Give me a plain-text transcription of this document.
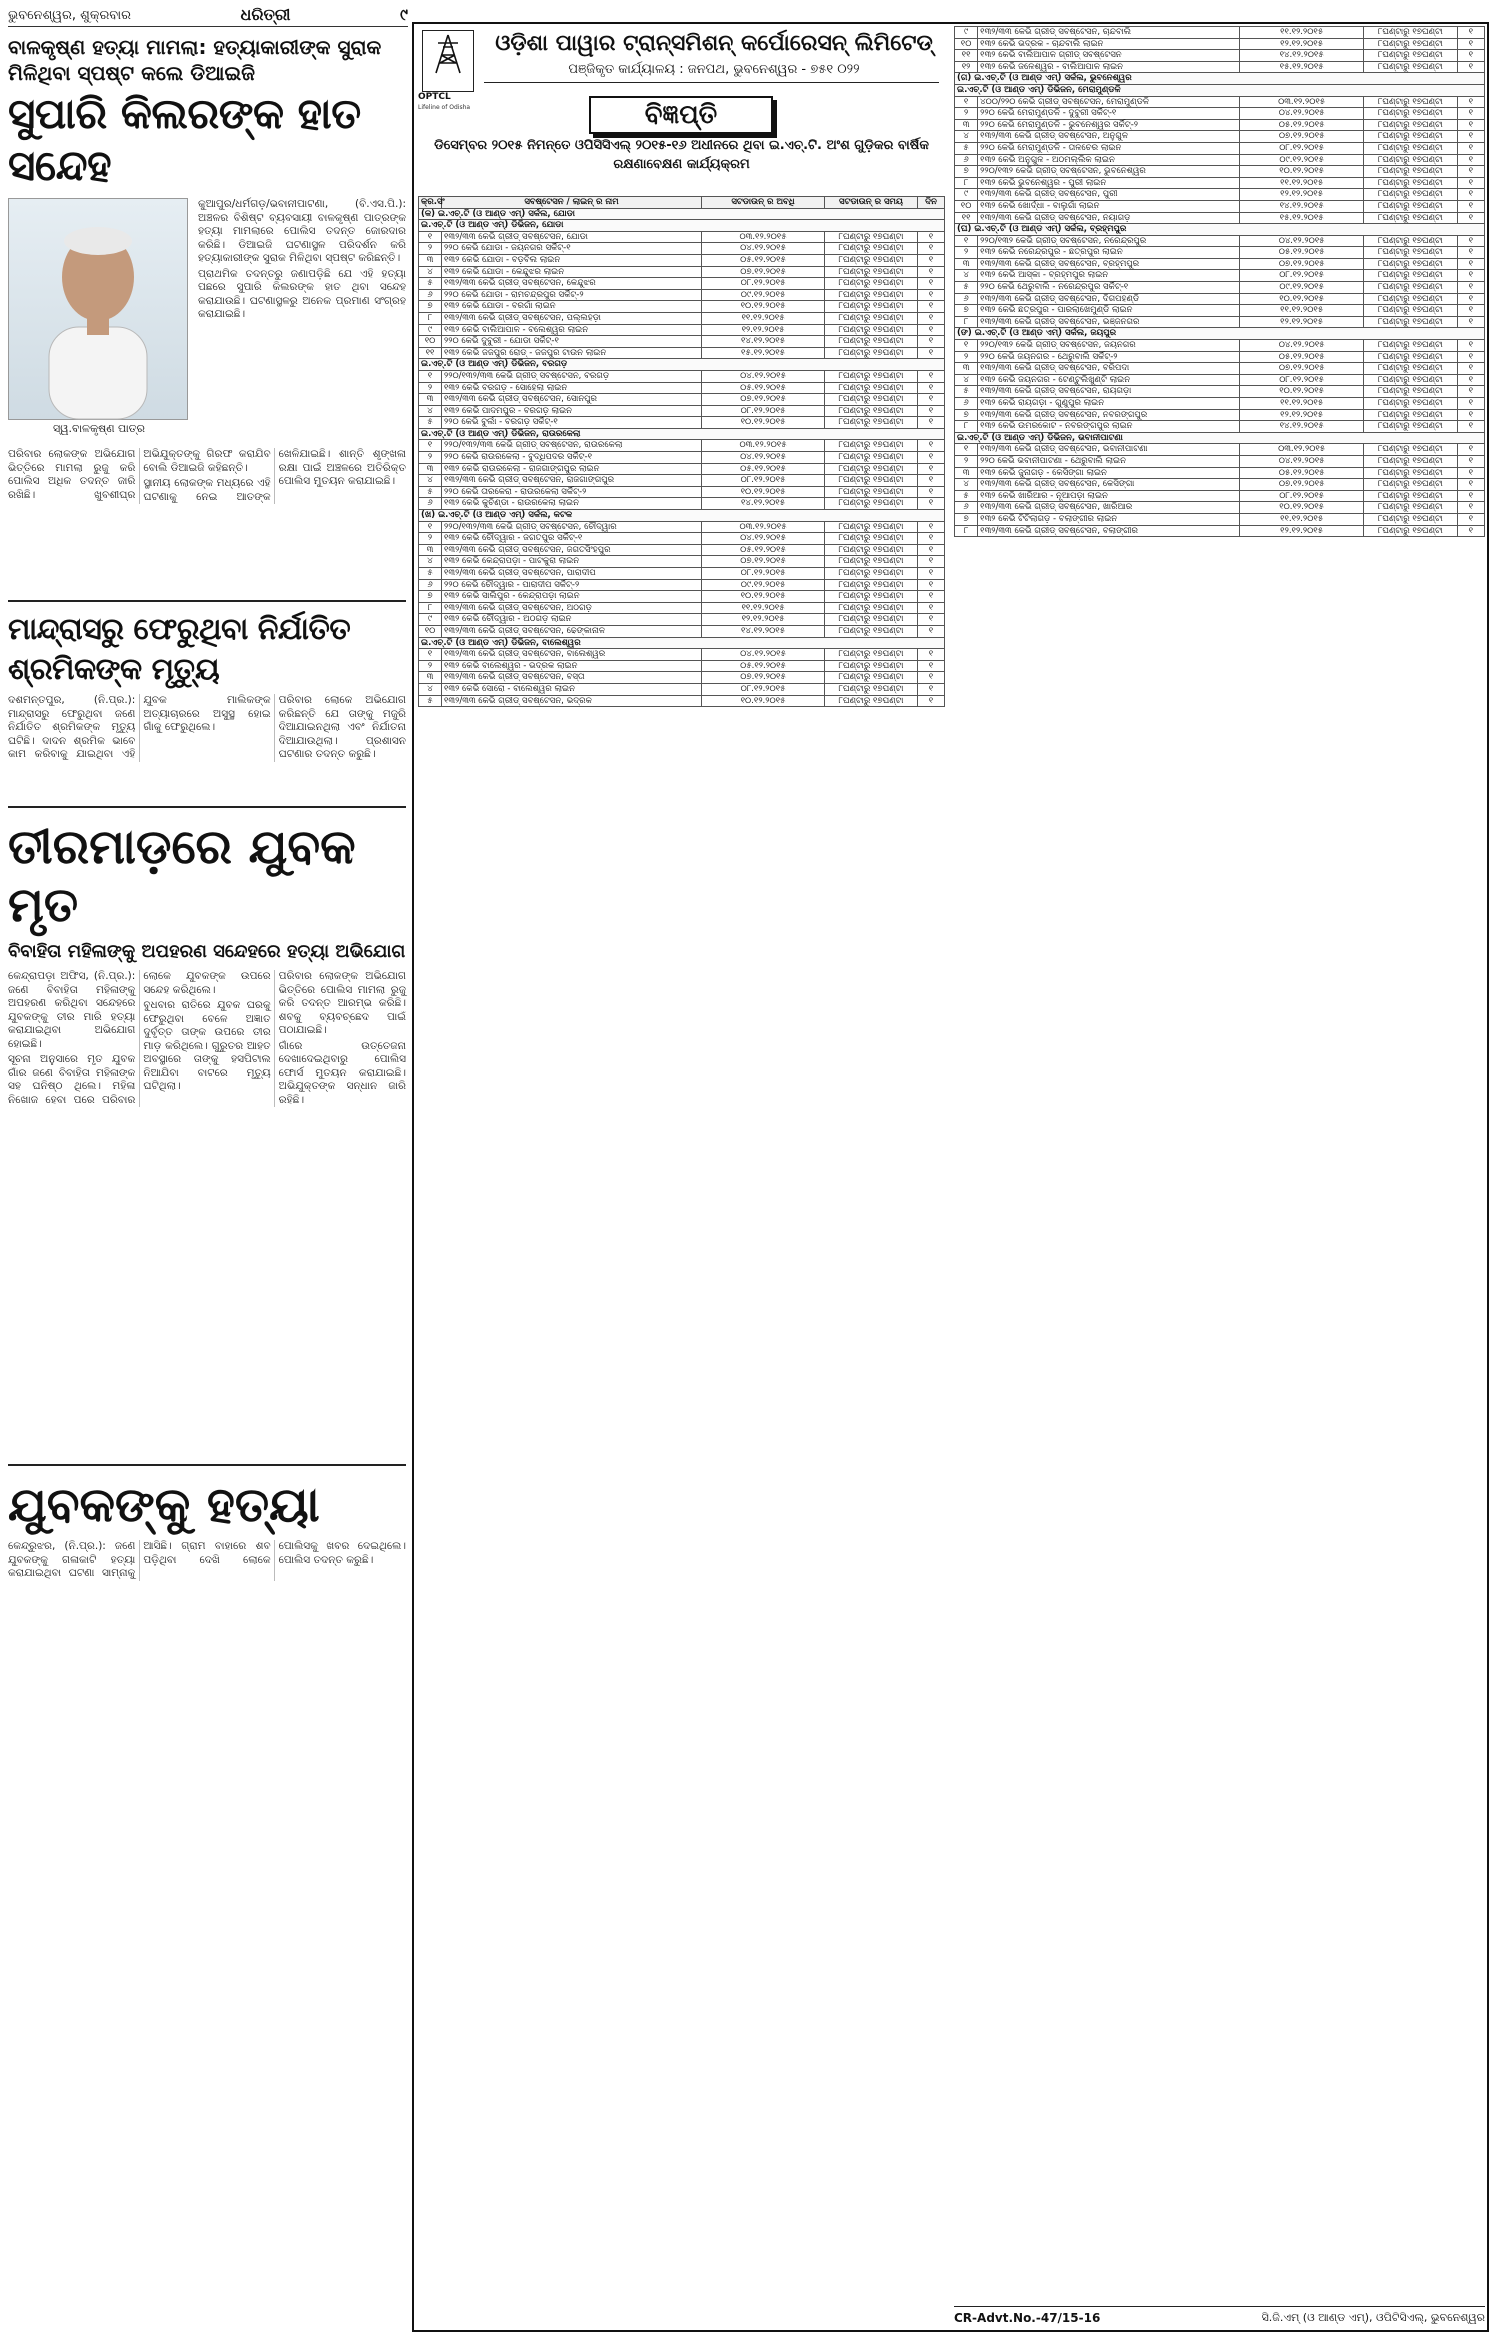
ଭୁବନେଶ୍ୱର, ଶୁକ୍ରବାର	ଧରିତ୍ରୀ	୯
ବାଳକୃଷ୍ଣ ହତ୍ୟା ମାମଲା: ହତ୍ୟାକାରୀଙ୍କ ସୁରାକ ମିଳିଥିବା ସ୍ପଷ୍ଟ କଲେ ଡିଆଇଜି
ସୁପାରି କିଲରଙ୍କ ହାତ ସନ୍ଦେହ
ସ୍ୱ.ବାଳକୃଷ୍ଣ ପାତ୍ର

କୁଆପୁର/ଧର୍ମଗଡ଼/ଭବାନୀପାଟଣା, (ବି.ଏସ.ପି.): ଅଞ୍ଚଳର ବିଶିଷ୍ଟ ବ୍ୟବସାୟୀ ବାଳକୃଷ୍ଣ ପାତ୍ରଙ୍କ ହତ୍ୟା ମାମଲାରେ ପୋଲିସ ତଦନ୍ତ ଜୋରଦାର କରିଛି। ଡିଆଇଜି ଘଟଣାସ୍ଥଳ ପରିଦର୍ଶନ କରି ହତ୍ୟାକାରୀଙ୍କ ସୁରାକ ମିଳିଥିବା ସ୍ପଷ୍ଟ କରିଛନ୍ତି।

ପ୍ରାଥମିକ ତଦନ୍ତରୁ ଜଣାପଡ଼ିଛି ଯେ ଏହି ହତ୍ୟା ପଛରେ ସୁପାରି କିଲରଙ୍କ ହାତ ଥିବା ସନ୍ଦେହ କରାଯାଉଛି। ଘଟଣାସ୍ଥଳରୁ ଅନେକ ପ୍ରମାଣ ସଂଗ୍ରହ କରାଯାଇଛି।

ପରିବାର ଲୋକଙ୍କ ଅଭିଯୋଗ ଭିତ୍ତିରେ ମାମଲା ରୁଜୁ କରି ପୋଲିସ ଅଧିକ ତଦନ୍ତ ଜାରି ରଖିଛି। ଖୁବଶୀଘ୍ର ଅଭିଯୁକ୍ତଙ୍କୁ ଗିରଫ କରାଯିବ ବୋଲି ଡିଆଇଜି କହିଛନ୍ତି।

ସ୍ଥାନୀୟ ଲୋକଙ୍କ ମଧ୍ୟରେ ଏହି ଘଟଣାକୁ ନେଇ ଆତଙ୍କ ଖେଳିଯାଇଛି। ଶାନ୍ତି ଶୃଙ୍ଖଳା ରକ୍ଷା ପାଇଁ ଅଞ୍ଚଳରେ ଅତିରିକ୍ତ ପୋଲିସ ମୁତୟନ କରାଯାଇଛି।

ମାନ୍ଦ୍ରାସରୁ ଫେରୁଥିବା ନିର୍ଯାତିତ ଶ୍ରମିକଙ୍କ ମୃତ୍ୟୁ

ଦଶମନ୍ତପୁର, (ନି.ପ୍ର.): ମାନ୍ଦ୍ରାସରୁ ଫେରୁଥିବା ଜଣେ ନିର୍ଯାତିତ ଶ୍ରମିକଙ୍କ ମୃତ୍ୟୁ ଘଟିଛି। ଦାଦନ ଶ୍ରମିକ ଭାବେ କାମ କରିବାକୁ ଯାଇଥିବା ଏହି ଯୁବକ ମାଲିକଙ୍କ ଅତ୍ୟାଚାରରେ ଅସୁସ୍ଥ ହୋଇ ଗାଁକୁ ଫେରୁଥିଲେ।

ପରିବାର ଲୋକେ ଅଭିଯୋଗ କରିଛନ୍ତି ଯେ ତାଙ୍କୁ ମଜୁରି ଦିଆଯାଇନଥିଲା ଏବଂ ନିର୍ଯାତନା ଦିଆଯାଉଥିଲା। ପ୍ରଶାସନ ଘଟଣାର ତଦନ୍ତ କରୁଛି।

ତୀରମାଡ଼ରେ ଯୁବକ ମୃତ
ବିବାହିତା ମହିଳାଙ୍କୁ ଅପହରଣ ସନ୍ଦେହରେ ହତ୍ୟା ଅଭିଯୋଗ

କେନ୍ଦ୍ରାପଡ଼ା ଅଫିସ, (ନି.ପ୍ର.): ଜଣେ ବିବାହିତା ମହିଳାଙ୍କୁ ଅପହରଣ କରିଥିବା ସନ୍ଦେହରେ ଯୁବକଙ୍କୁ ତୀର ମାରି ହତ୍ୟା କରାଯାଇଥିବା ଅଭିଯୋଗ ହୋଇଛି।

ସୂଚନା ଅନୁସାରେ ମୃତ ଯୁବକ ଗାଁର ଜଣେ ବିବାହିତା ମହିଳାଙ୍କ ସହ ଘନିଷ୍ଠ ଥିଲେ। ମହିଳା ନିଖୋଜ ହେବା ପରେ ପରିବାର ଲୋକେ ଯୁବକଙ୍କ ଉପରେ ସନ୍ଦେହ କରିଥିଲେ।

ବୁଧବାର ରାତିରେ ଯୁବକ ଘରକୁ ଫେରୁଥିବା ବେଳେ ଅଜ୍ଞାତ ଦୁର୍ବୃତ୍ତ ତାଙ୍କ ଉପରେ ତୀର ମାଡ଼ କରିଥିଲେ। ଗୁରୁତର ଆହତ ଅବସ୍ଥାରେ ତାଙ୍କୁ ହସପିଟାଲ ନିଆଯିବା ବାଟରେ ମୃତ୍ୟୁ ଘଟିଥିଲା।

ପରିବାର ଲୋକଙ୍କ ଅଭିଯୋଗ ଭିତ୍ତିରେ ପୋଲିସ ମାମଲା ରୁଜୁ କରି ତଦନ୍ତ ଆରମ୍ଭ କରିଛି। ଶବକୁ ବ୍ୟବଚ୍ଛେଦ ପାଇଁ ପଠାଯାଇଛି।

ଗାଁରେ ଉତ୍ତେଜନା ଦେଖାଦେଇଥିବାରୁ ପୋଲିସ ଫୋର୍ସ ମୁତୟନ କରାଯାଇଛି। ଅଭିଯୁକ୍ତଙ୍କ ସନ୍ଧାନ ଜାରି ରହିଛି।

ଯୁବକଙ୍କୁ ହତ୍ୟା

କେନ୍ଦ୍ରୁଝର, (ନି.ପ୍ର.): ଜଣେ ଯୁବକଙ୍କୁ ଗଳାକାଟି ହତ୍ୟା କରାଯାଇଥିବା ଘଟଣା ସାମ୍ନାକୁ ଆସିଛି। ଗ୍ରାମ ବାହାରେ ଶବ ପଡ଼ିଥିବା ଦେଖି ଲୋକେ ପୋଲିସକୁ ଖବର ଦେଇଥିଲେ। ପୋଲିସ ତଦନ୍ତ କରୁଛି।

OPTCL
Lifeline of Odisha
ଓଡ଼ିଶା ପାୱାର ଟ୍ରାନ୍ସମିଶନ୍ କର୍ପୋରେସନ୍ ଲିମିଟେଡ୍
ପଞ୍ଜିକୃତ କାର୍ଯ୍ୟାଳୟ : ଜନପଥ, ଭୁବନେଶ୍ୱର - ୭୫୧ ୦୨୨
ବିଜ୍ଞପ୍ତି
ଡିସେମ୍ବର ୨୦୧୫ ନିମନ୍ତେ ଓପିସିସିଏଲ୍ ୨୦୧୫-୧୬ ଅଧୀନରେ ଥିବା ଇ.ଏଚ୍.ଟି. ଅଂଶ ଗୁଡ଼ିକର ବାର୍ଷିକ ରକ୍ଷଣାବେକ୍ଷଣ କାର୍ଯ୍ୟକ୍ରମ
କ୍ର.ସଂ	ସବଷ୍ଟେସନ / ଲାଇନ୍ ର ନାମ	ସଟଡାଉନ୍ ର ଅବଧି	ସଟଡାଉନ୍ ର ସମୟ	ଦିନ
(କ) ଇ.ଏଚ୍.ଟି (ଓ ଆଣ୍ଡ ଏମ୍) ସର୍କଲ, ଯୋଡା				
ଇ.ଏଚ୍.ଟି (ଓ ଆଣ୍ଡ ଏମ୍) ଡିଭିଜନ, ଯୋଡା				
୧	୧୩୨/୩୩ କେଭି ଗ୍ରୀଡ୍ ସବଷ୍ଟେସନ, ଯୋଡା	୦୩.୧୨.୨୦୧୫	୮ଘଣ୍ଟାରୁ ୧୭ଘଣ୍ଟା	୧
୨	୨୨୦ କେଭି ଯୋଡା - ଜୟନଗର ସର୍କିଟ୍-୧	୦୪.୧୨.୨୦୧୫	୮ଘଣ୍ଟାରୁ ୧୭ଘଣ୍ଟା	୧
୩	୧୩୨ କେଭି ଯୋଡା - ବଡ଼ବିଲ ଲାଇନ	୦୫.୧୨.୨୦୧୫	୮ଘଣ୍ଟାରୁ ୧୭ଘଣ୍ଟା	୧
୪	୧୩୨ କେଭି ଯୋଡା - କେନ୍ଦୁଝର ଲାଇନ	୦୭.୧୨.୨୦୧୫	୮ଘଣ୍ଟାରୁ ୧୭ଘଣ୍ଟା	୧
୫	୧୩୨/୩୩ କେଭି ଗ୍ରୀଡ୍ ସବଷ୍ଟେସନ, କେନ୍ଦୁଝର	୦୮.୧୨.୨୦୧୫	୮ଘଣ୍ଟାରୁ ୧୭ଘଣ୍ଟା	୧
୬	୨୨୦ କେଭି ଯୋଡା - ରାମଚନ୍ଦ୍ରପୁର ସର୍କିଟ୍-୨	୦୯.୧୨.୨୦୧୫	୮ଘଣ୍ଟାରୁ ୧୭ଘଣ୍ଟା	୧
୭	୧୩୨ କେଭି ଯୋଡା - ବରଗାଁ ଲାଇନ	୧୦.୧୨.୨୦୧୫	୮ଘଣ୍ଟାରୁ ୧୭ଘଣ୍ଟା	୧
୮	୧୩୨/୩୩ କେଭି ଗ୍ରୀଡ୍ ସବଷ୍ଟେସନ, ପଲ୍ଲହଡ଼ା	୧୧.୧୨.୨୦୧୫	୮ଘଣ୍ଟାରୁ ୧୭ଘଣ୍ଟା	୧
୯	୧୩୨ କେଭି ବାଲିଆପାଳ - ବଲେଶ୍ୱର ଲାଇନ	୧୨.୧୨.୨୦୧୫	୮ଘଣ୍ଟାରୁ ୧୭ଘଣ୍ଟା	୧
୧୦	୨୨୦ କେଭି ଦୁବୁରୀ - ଯୋଡା ସର୍କିଟ୍-୧	୧୪.୧୨.୨୦୧୫	୮ଘଣ୍ଟାରୁ ୧୭ଘଣ୍ଟା	୧
୧୧	୧୩୨ କେଭି ଜଜପୁର ରୋଡ୍ - ଜଜପୁର ଟାଉନ ଲାଇନ	୧୫.୧୨.୨୦୧୫	୮ଘଣ୍ଟାରୁ ୧୭ଘଣ୍ଟା	୧
ଇ.ଏଚ୍.ଟି (ଓ ଆଣ୍ଡ ଏମ୍) ଡିଭିଜନ, ବରଗଡ଼				
୧	୨୨୦/୧୩୨/୩୩ କେଭି ଗ୍ରୀଡ୍ ସବଷ୍ଟେସନ, ବରଗଡ଼	୦୪.୧୨.୨୦୧୫	୮ଘଣ୍ଟାରୁ ୧୭ଘଣ୍ଟା	୧
୨	୧୩୨ କେଭି ବରଗଡ଼ - ସୋହେଲା ଲାଇନ	୦୫.୧୨.୨୦୧୫	୮ଘଣ୍ଟାରୁ ୧୭ଘଣ୍ଟା	୧
୩	୧୩୨/୩୩ କେଭି ଗ୍ରୀଡ୍ ସବଷ୍ଟେସନ, ସୋନପୁର	୦୭.୧୨.୨୦୧୫	୮ଘଣ୍ଟାରୁ ୧୭ଘଣ୍ଟା	୧
୪	୧୩୨ କେଭି ପାଦମପୁର - ବରଗଡ଼ ଲାଇନ	୦୮.୧୨.୨୦୧୫	୮ଘଣ୍ଟାରୁ ୧୭ଘଣ୍ଟା	୧
୫	୨୨୦ କେଭି ବୁର୍ଲା - ବରଗଡ଼ ସର୍କିଟ୍-୧	୧୦.୧୨.୨୦୧୫	୮ଘଣ୍ଟାରୁ ୧୭ଘଣ୍ଟା	୧
ଇ.ଏଚ୍.ଟି (ଓ ଆଣ୍ଡ ଏମ୍) ଡିଭିଜନ, ରାଉରକେଲା				
୧	୨୨୦/୧୩୨/୩୩ କେଭି ଗ୍ରୀଡ୍ ସବଷ୍ଟେସନ, ରାଉରକେଲା	୦୩.୧୨.୨୦୧୫	୮ଘଣ୍ଟାରୁ ୧୭ଘଣ୍ଟା	୧
୨	୨୨୦ କେଭି ରାଉରକେଲା - ବୁଦ୍ଧିପଦର ସର୍କିଟ୍-୧	୦୪.୧୨.୨୦୧୫	୮ଘଣ୍ଟାରୁ ୧୭ଘଣ୍ଟା	୧
୩	୧୩୨ କେଭି ରାଉରକେଲା - ରାଜଗାଙ୍ଗପୁର ଲାଇନ	୦୫.୧୨.୨୦୧୫	୮ଘଣ୍ଟାରୁ ୧୭ଘଣ୍ଟା	୧
୪	୧୩୨/୩୩ କେଭି ଗ୍ରୀଡ୍ ସବଷ୍ଟେସନ, ରାଜଗାଙ୍ଗପୁର	୦୮.୧୨.୨୦୧୫	୮ଘଣ୍ଟାରୁ ୧୭ଘଣ୍ଟା	୧
୫	୨୨୦ କେଭି ତାରକେରା - ରାଉରକେଲା ସର୍କିଟ୍-୨	୧୦.୧୨.୨୦୧୫	୮ଘଣ୍ଟାରୁ ୧୭ଘଣ୍ଟା	୧
୬	୧୩୨ କେଭି କୁଚିଣ୍ଡା - ରାଉରକେଲା ଲାଇନ	୧୪.୧୨.୨୦୧୫	୮ଘଣ୍ଟାରୁ ୧୭ଘଣ୍ଟା	୧
(ଖ) ଇ.ଏଚ୍.ଟି (ଓ ଆଣ୍ଡ ଏମ୍) ସର୍କଲ, କଟକ				
୧	୨୨୦/୧୩୨/୩୩ କେଭି ଗ୍ରୀଡ୍ ସବଷ୍ଟେସନ, ଚୌଦ୍ୱାର	୦୩.୧୨.୨୦୧୫	୮ଘଣ୍ଟାରୁ ୧୭ଘଣ୍ଟା	୧
୨	୧୩୨ କେଭି ଚୌଦ୍ୱାର - ଜଗତପୁର ସର୍କିଟ୍-୧	୦୪.୧୨.୨୦୧୫	୮ଘଣ୍ଟାରୁ ୧୭ଘଣ୍ଟା	୧
୩	୧୩୨/୩୩ କେଭି ଗ୍ରୀଡ୍ ସବଷ୍ଟେସନ, ଜଗତସିଂହପୁର	୦୫.୧୨.୨୦୧୫	୮ଘଣ୍ଟାରୁ ୧୭ଘଣ୍ଟା	୧
୪	୧୩୨ କେଭି କେନ୍ଦ୍ରାପଡ଼ା - ପାଟକୁରା ଲାଇନ	୦୭.୧୨.୨୦୧୫	୮ଘଣ୍ଟାରୁ ୧୭ଘଣ୍ଟା	୧
୫	୧୩୨/୩୩ କେଭି ଗ୍ରୀଡ୍ ସବଷ୍ଟେସନ, ପାରାଦୀପ	୦୮.୧୨.୨୦୧୫	୮ଘଣ୍ଟାରୁ ୧୭ଘଣ୍ଟା	୧
୬	୨୨୦ କେଭି ଚୌଦ୍ୱାର - ପାରାଦୀପ ସର୍କିଟ୍-୨	୦୯.୧୨.୨୦୧୫	୮ଘଣ୍ଟାରୁ ୧୭ଘଣ୍ଟା	୧
୭	୧୩୨ କେଭି ସାଲିପୁର - କେନ୍ଦ୍ରାପଡ଼ା ଲାଇନ	୧୦.୧୨.୨୦୧୫	୮ଘଣ୍ଟାରୁ ୧୭ଘଣ୍ଟା	୧
୮	୧୩୨/୩୩ କେଭି ଗ୍ରୀଡ୍ ସବଷ୍ଟେସନ, ଅଠଗଡ଼	୧୧.୧୨.୨୦୧୫	୮ଘଣ୍ଟାରୁ ୧୭ଘଣ୍ଟା	୧
୯	୧୩୨ କେଭି ଚୌଦ୍ୱାର - ଅଠଗଡ଼ ଲାଇନ	୧୨.୧୨.୨୦୧୫	୮ଘଣ୍ଟାରୁ ୧୭ଘଣ୍ଟା	୧
୧୦	୧୩୨/୩୩ କେଭି ଗ୍ରୀଡ୍ ସବଷ୍ଟେସନ, ଢେଙ୍କାନାଳ	୧୪.୧୨.୨୦୧୫	୮ଘଣ୍ଟାରୁ ୧୭ଘଣ୍ଟା	୧
ଇ.ଏଚ୍.ଟି (ଓ ଆଣ୍ଡ ଏମ୍) ଡିଭିଜନ, ବାଲେଶ୍ୱର				
୧	୧୩୨/୩୩ କେଭି ଗ୍ରୀଡ୍ ସବଷ୍ଟେସନ, ବାଲେଶ୍ୱର	୦୪.୧୨.୨୦୧୫	୮ଘଣ୍ଟାରୁ ୧୭ଘଣ୍ଟା	୧
୨	୧୩୨ କେଭି ବାଲେଶ୍ୱର - ଭଦ୍ରକ ଲାଇନ	୦୫.୧୨.୨୦୧୫	୮ଘଣ୍ଟାରୁ ୧୭ଘଣ୍ଟା	୧
୩	୧୩୨/୩୩ କେଭି ଗ୍ରୀଡ୍ ସବଷ୍ଟେସନ, ବସ୍ତା	୦୭.୧୨.୨୦୧୫	୮ଘଣ୍ଟାରୁ ୧୭ଘଣ୍ଟା	୧
୪	୧୩୨ କେଭି ସୋରୋ - ବାଲେଶ୍ୱର ଲାଇନ	୦୮.୧୨.୨୦୧୫	୮ଘଣ୍ଟାରୁ ୧୭ଘଣ୍ଟା	୧
୫	୧୩୨/୩୩ କେଭି ଗ୍ରୀଡ୍ ସବଷ୍ଟେସନ, ଭଦ୍ରକ	୧୦.୧୨.୨୦୧୫	୮ଘଣ୍ଟାରୁ ୧୭ଘଣ୍ଟା	୧
୯	୧୩୨/୩୩ କେଭି ଗ୍ରୀଡ୍ ସବଷ୍ଟେସନ, ଚାନ୍ଦବାଲି	୧୧.୧୨.୨୦୧୫	୮ଘଣ୍ଟାରୁ ୧୭ଘଣ୍ଟା	୧
୧୦	୧୩୨ କେଭି ଭଦ୍ରକ - ଚାନ୍ଦବାଲି ଲାଇନ	୧୨.୧୨.୨୦୧୫	୮ଘଣ୍ଟାରୁ ୧୭ଘଣ୍ଟା	୧
୧୧	୧୩୨ କେଭି ବାଲିଆପାଳ ଗ୍ରୀଡ୍ ସବଷ୍ଟେସନ	୧୪.୧୨.୨୦୧୫	୮ଘଣ୍ଟାରୁ ୧୭ଘଣ୍ଟା	୧
୧୨	୧୩୨ କେଭି ଜଳେଶ୍ୱର - ବାଲିଆପାଳ ଲାଇନ	୧୫.୧୨.୨୦୧୫	୮ଘଣ୍ଟାରୁ ୧୭ଘଣ୍ଟା	୧
(ଗ) ଇ.ଏଚ୍.ଟି (ଓ ଆଣ୍ଡ ଏମ୍) ସର୍କଲ, ଭୁବନେଶ୍ୱର				
ଇ.ଏଚ୍.ଟି (ଓ ଆଣ୍ଡ ଏମ୍) ଡିଭିଜନ, ମେରାମୁଣ୍ଡଳି				
୧	୪୦୦/୨୨୦ କେଭି ଗ୍ରୀଡ୍ ସବଷ୍ଟେସନ, ମେରାମୁଣ୍ଡଳି	୦୩.୧୨.୨୦୧୫	୮ଘଣ୍ଟାରୁ ୧୭ଘଣ୍ଟା	୧
୨	୨୨୦ କେଭି ମେରାମୁଣ୍ଡଳି - ଦୁବୁରୀ ସର୍କିଟ୍-୧	୦୪.୧୨.୨୦୧୫	୮ଘଣ୍ଟାରୁ ୧୭ଘଣ୍ଟା	୧
୩	୨୨୦ କେଭି ମେରାମୁଣ୍ଡଳି - ଭୁବନେଶ୍ୱର ସର୍କିଟ୍-୨	୦୫.୧୨.୨୦୧୫	୮ଘଣ୍ଟାରୁ ୧୭ଘଣ୍ଟା	୧
୪	୧୩୨/୩୩ କେଭି ଗ୍ରୀଡ୍ ସବଷ୍ଟେସନ, ଅନୁଗୁଳ	୦୭.୧୨.୨୦୧୫	୮ଘଣ୍ଟାରୁ ୧୭ଘଣ୍ଟା	୧
୫	୨୨୦ କେଭି ମେରାମୁଣ୍ଡଳି - ତାଳଚେର ଲାଇନ	୦୮.୧୨.୨୦୧୫	୮ଘଣ୍ଟାରୁ ୧୭ଘଣ୍ଟା	୧
୬	୧୩୨ କେଭି ଅନୁଗୁଳ - ଅଠମଲ୍ଲିକ ଲାଇନ	୦୯.୧୨.୨୦୧୫	୮ଘଣ୍ଟାରୁ ୧୭ଘଣ୍ଟା	୧
୭	୨୨୦/୧୩୨ କେଭି ଗ୍ରୀଡ୍ ସବଷ୍ଟେସନ, ଭୁବନେଶ୍ୱର	୧୦.୧୨.୨୦୧୫	୮ଘଣ୍ଟାରୁ ୧୭ଘଣ୍ଟା	୧
୮	୧୩୨ କେଭି ଭୁବନେଶ୍ୱର - ପୁରୀ ଲାଇନ	୧୧.୧୨.୨୦୧୫	୮ଘଣ୍ଟାରୁ ୧୭ଘଣ୍ଟା	୧
୯	୧୩୨/୩୩ କେଭି ଗ୍ରୀଡ୍ ସବଷ୍ଟେସନ, ପୁରୀ	୧୨.୧୨.୨୦୧୫	୮ଘଣ୍ଟାରୁ ୧୭ଘଣ୍ଟା	୧
୧୦	୧୩୨ କେଭି ଖୋର୍ଦ୍ଧା - ବାଲୁଗାଁ ଲାଇନ	୧୪.୧୨.୨୦୧୫	୮ଘଣ୍ଟାରୁ ୧୭ଘଣ୍ଟା	୧
୧୧	୧୩୨/୩୩ କେଭି ଗ୍ରୀଡ୍ ସବଷ୍ଟେସନ, ନୟାଗଡ଼	୧୫.୧୨.୨୦୧୫	୮ଘଣ୍ଟାରୁ ୧୭ଘଣ୍ଟା	୧
(ଘ) ଇ.ଏଚ୍.ଟି (ଓ ଆଣ୍ଡ ଏମ୍) ସର୍କଲ, ବ୍ରହ୍ମପୁର				
୧	୨୨୦/୧୩୨ କେଭି ଗ୍ରୀଡ୍ ସବଷ୍ଟେସନ, ନରେନ୍ଦ୍ରପୁର	୦୪.୧୨.୨୦୧୫	୮ଘଣ୍ଟାରୁ ୧୭ଘଣ୍ଟା	୧
୨	୧୩୨ କେଭି ନରେନ୍ଦ୍ରପୁର - ଛତ୍ରପୁର ଲାଇନ	୦୫.୧୨.୨୦୧୫	୮ଘଣ୍ଟାରୁ ୧୭ଘଣ୍ଟା	୧
୩	୧୩୨/୩୩ କେଭି ଗ୍ରୀଡ୍ ସବଷ୍ଟେସନ, ବ୍ରହ୍ମପୁର	୦୭.୧୨.୨୦୧୫	୮ଘଣ୍ଟାରୁ ୧୭ଘଣ୍ଟା	୧
୪	୧୩୨ କେଭି ଆସ୍କା - ବ୍ରହ୍ମପୁର ଲାଇନ	୦୮.୧୨.୨୦୧୫	୮ଘଣ୍ଟାରୁ ୧୭ଘଣ୍ଟା	୧
୫	୨୨୦ କେଭି ଥେରୁବାଲି - ନରେନ୍ଦ୍ରପୁର ସର୍କିଟ୍-୧	୦୯.୧୨.୨୦୧୫	୮ଘଣ୍ଟାରୁ ୧୭ଘଣ୍ଟା	୧
୬	୧୩୨/୩୩ କେଭି ଗ୍ରୀଡ୍ ସବଷ୍ଟେସନ, ଦିଗପହଣ୍ଡି	୧୦.୧୨.୨୦୧୫	୮ଘଣ୍ଟାରୁ ୧୭ଘଣ୍ଟା	୧
୭	୧୩୨ କେଭି ଛତ୍ରପୁର - ପାରଲାଖେମୁଣ୍ଡି ଲାଇନ	୧୧.୧୨.୨୦୧୫	୮ଘଣ୍ଟାରୁ ୧୭ଘଣ୍ଟା	୧
୮	୧୩୨/୩୩ କେଭି ଗ୍ରୀଡ୍ ସବଷ୍ଟେସନ, ଭଞ୍ଜନଗର	୧୨.୧୨.୨୦୧୫	୮ଘଣ୍ଟାରୁ ୧୭ଘଣ୍ଟା	୧
(ଙ) ଇ.ଏଚ୍.ଟି (ଓ ଆଣ୍ଡ ଏମ୍) ସର୍କଲ, ଜୟପୁର				
୧	୨୨୦/୧୩୨ କେଭି ଗ୍ରୀଡ୍ ସବଷ୍ଟେସନ, ଜୟନଗର	୦୪.୧୨.୨୦୧୫	୮ଘଣ୍ଟାରୁ ୧୭ଘଣ୍ଟା	୧
୨	୨୨୦ କେଭି ଜୟନଗର - ଥେରୁବାଲି ସର୍କିଟ୍-୨	୦୫.୧୨.୨୦୧୫	୮ଘଣ୍ଟାରୁ ୧୭ଘଣ୍ଟା	୧
୩	୧୩୨/୩୩ କେଭି ଗ୍ରୀଡ୍ ସବଷ୍ଟେସନ, ବରିପଦା	୦୭.୧୨.୨୦୧୫	୮ଘଣ୍ଟାରୁ ୧୭ଘଣ୍ଟା	୧
୪	୧୩୨ କେଭି ଜୟନଗର - ଟେଣ୍ଟୁଲିଖୁଣ୍ଟି ଲାଇନ	୦୮.୧୨.୨୦୧୫	୮ଘଣ୍ଟାରୁ ୧୭ଘଣ୍ଟା	୧
୫	୧୩୨/୩୩ କେଭି ଗ୍ରୀଡ୍ ସବଷ୍ଟେସନ, ରାୟଗଡ଼ା	୧୦.୧୨.୨୦୧୫	୮ଘଣ୍ଟାରୁ ୧୭ଘଣ୍ଟା	୧
୬	୧୩୨ କେଭି ରାୟଗଡ଼ା - ଗୁଣୁପୁର ଲାଇନ	୧୧.୧୨.୨୦୧୫	୮ଘଣ୍ଟାରୁ ୧୭ଘଣ୍ଟା	୧
୭	୧୩୨/୩୩ କେଭି ଗ୍ରୀଡ୍ ସବଷ୍ଟେସନ, ନବରଙ୍ଗପୁର	୧୨.୧୨.୨୦୧୫	୮ଘଣ୍ଟାରୁ ୧୭ଘଣ୍ଟା	୧
୮	୧୩୨ କେଭି ଉମରକୋଟ - ନବରଙ୍ଗପୁର ଲାଇନ	୧୪.୧୨.୨୦୧୫	୮ଘଣ୍ଟାରୁ ୧୭ଘଣ୍ଟା	୧
ଇ.ଏଚ୍.ଟି (ଓ ଆଣ୍ଡ ଏମ୍) ଡିଭିଜନ, ଭବାନୀପାଟଣା				
୧	୧୩୨/୩୩ କେଭି ଗ୍ରୀଡ୍ ସବଷ୍ଟେସନ, ଭବାନୀପାଟଣା	୦୩.୧୨.୨୦୧୫	୮ଘଣ୍ଟାରୁ ୧୭ଘଣ୍ଟା	୧
୨	୨୨୦ କେଭି ଭବାନୀପାଟଣା - ଥେରୁବାଲି ଲାଇନ	୦୪.୧୨.୨୦୧୫	୮ଘଣ୍ଟାରୁ ୧୭ଘଣ୍ଟା	୧
୩	୧୩୨ କେଭି ଜୁନାଗଡ଼ - କେସିଙ୍ଗା ଲାଇନ	୦୫.୧୨.୨୦୧୫	୮ଘଣ୍ଟାରୁ ୧୭ଘଣ୍ଟା	୧
୪	୧୩୨/୩୩ କେଭି ଗ୍ରୀଡ୍ ସବଷ୍ଟେସନ, କେସିଙ୍ଗା	୦୭.୧୨.୨୦୧୫	୮ଘଣ୍ଟାରୁ ୧୭ଘଣ୍ଟା	୧
୫	୧୩୨ କେଭି ଖାରିଆର - ନୂଆପଡ଼ା ଲାଇନ	୦୮.୧୨.୨୦୧୫	୮ଘଣ୍ଟାରୁ ୧୭ଘଣ୍ଟା	୧
୬	୧୩୨/୩୩ କେଭି ଗ୍ରୀଡ୍ ସବଷ୍ଟେସନ, ଖାରିଆର	୧୦.୧୨.୨୦୧୫	୮ଘଣ୍ଟାରୁ ୧୭ଘଣ୍ଟା	୧
୭	୧୩୨ କେଭି ଟିଟିଲାଗଡ଼ - ବଲାଙ୍ଗୀର ଲାଇନ	୧୧.୧୨.୨୦୧୫	୮ଘଣ୍ଟାରୁ ୧୭ଘଣ୍ଟା	୧
୮	୧୩୨/୩୩ କେଭି ଗ୍ରୀଡ୍ ସବଷ୍ଟେସନ, ବଲାଙ୍ଗୀର	୧୨.୧୨.୨୦୧୫	୮ଘଣ୍ଟାରୁ ୧୭ଘଣ୍ଟା	୧
CR-Advt.No.-47/15-16	ସି.ଜି.ଏମ୍ (ଓ ଆଣ୍ଡ ଏମ୍), ଓପିଟିସିଏଲ୍, ଭୁବନେଶ୍ୱର
